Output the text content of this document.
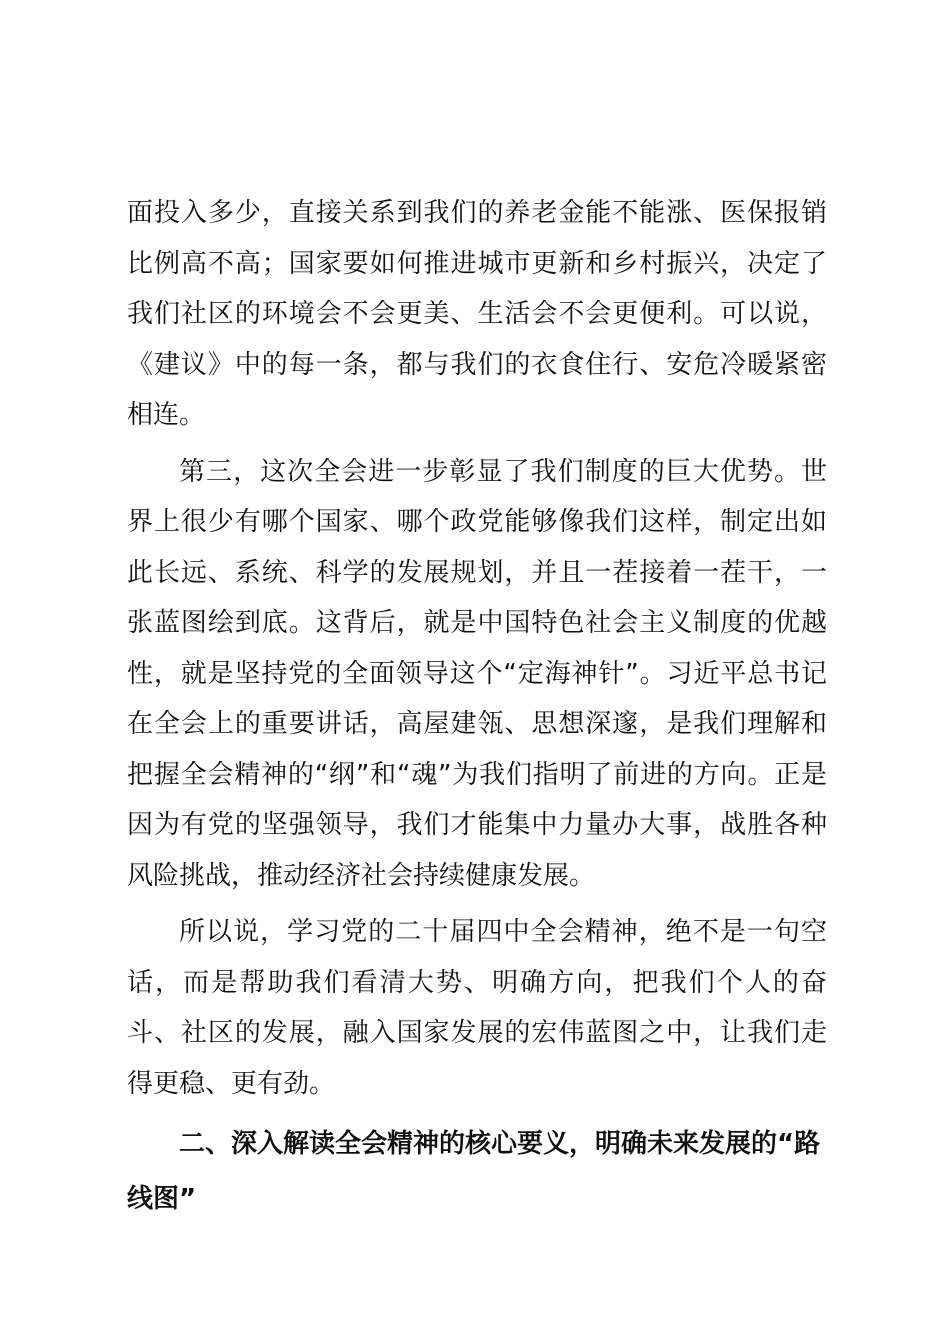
面投入多少，直接关系到我们的养老金能不能涨、医保报销比例高不高；国家要如何推进城市更新和乡村振兴，决定了我们社区的环境会不会更美、生活会不会更便利。可以说，《建议》中的每一条，都与我们的衣食住行、安危冷暖紧密相连。

第三，这次全会进一步彰显了我们制度的巨大优势。世界上很少有哪个国家、哪个政党能够像我们这样，制定出如此长远、系统、科学的发展规划，并且一茬接着一茬干，一张蓝图绘到底。这背后，就是中国特色社会主义制度的优越性，就是坚持党的全面领导这个“定海神针”。习近平总书记在全会上的重要讲话，高屋建瓴、思想深邃，是我们理解和把握全会精神的“纲”和“魂”为我们指明了前进的方向。正是因为有党的坚强领导，我们才能集中力量办大事，战胜各种风险挑战，推动经济社会持续健康发展。

所以说，学习党的二十届四中全会精神，绝不是一句空话，而是帮助我们看清大势、明确方向，把我们个人的奋斗、社区的发展，融入国家发展的宏伟蓝图之中，让我们走得更稳、更有劲。

二、深入解读全会精神的核心要义，明确未来发展的“路线图”
